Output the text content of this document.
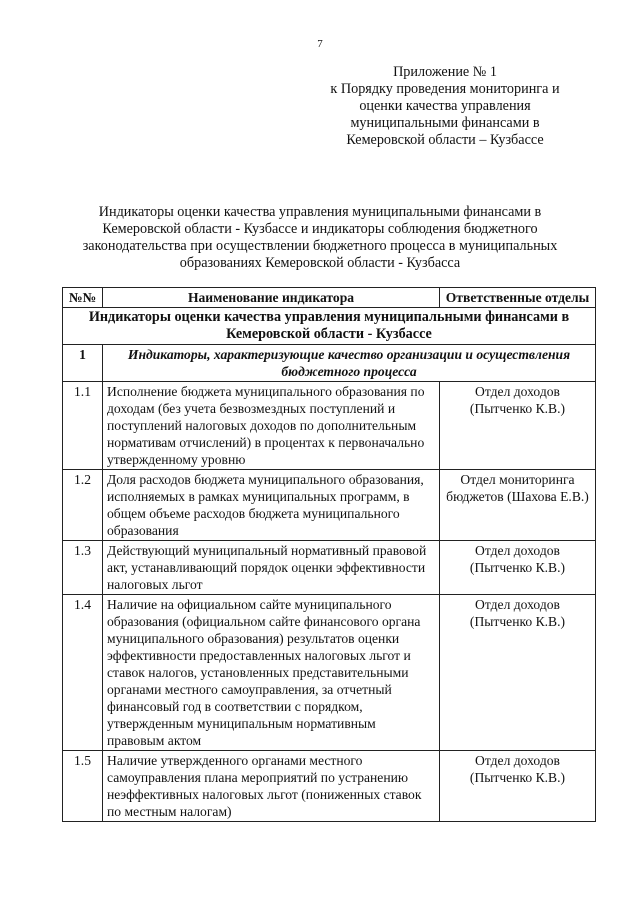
7
Приложение № 1
к Порядку проведения мониторинга и
оценки качества управления
муниципальными финансами в
Кемеровской области – Кузбассе
Индикаторы оценки качества управления муниципальными финансами в
Кемеровской области - Кузбассе и индикаторы соблюдения бюджетного
законодательства при осуществлении бюджетного процесса в муниципальных
образованиях Кемеровской области - Кузбасса
№№	Наименование индикатора	Ответственные отделы
Индикаторы оценки качества управления муниципальными финансами в Кемеровской области - Кузбассе		
1	Индикаторы, характеризующие качество организации и осуществления бюджетного процесса	
1.1	Исполнение бюджета муниципального образования по доходам (без учета безвозмездных поступлений и поступлений налоговых доходов по дополнительным нормативам отчислений) в процентах к первоначально утвержденному уровню	Отдел доходов (Пытченко К.В.)
1.2	Доля расходов бюджета муниципального образования, исполняемых в рамках муниципальных программ, в общем объеме расходов бюджета муниципального образования	Отдел мониторинга бюджетов (Шахова Е.В.)
1.3	Действующий муниципальный нормативный правовой акт, устанавливающий порядок оценки эффективности налоговых льгот	Отдел доходов (Пытченко К.В.)
1.4	Наличие на официальном сайте муниципального образования (официальном сайте финансового органа муниципального образования) результатов оценки эффективности предоставленных налоговых льгот и ставок налогов, установленных представительными органами местного самоуправления, за отчетный финансовый год в соответствии с порядком, утвержденным муниципальным нормативным правовым актом	Отдел доходов (Пытченко К.В.)
1.5	Наличие утвержденного органами местного самоуправления плана мероприятий по устранению неэффективных налоговых льгот (пониженных ставок по местным налогам)	Отдел доходов (Пытченко К.В.)
